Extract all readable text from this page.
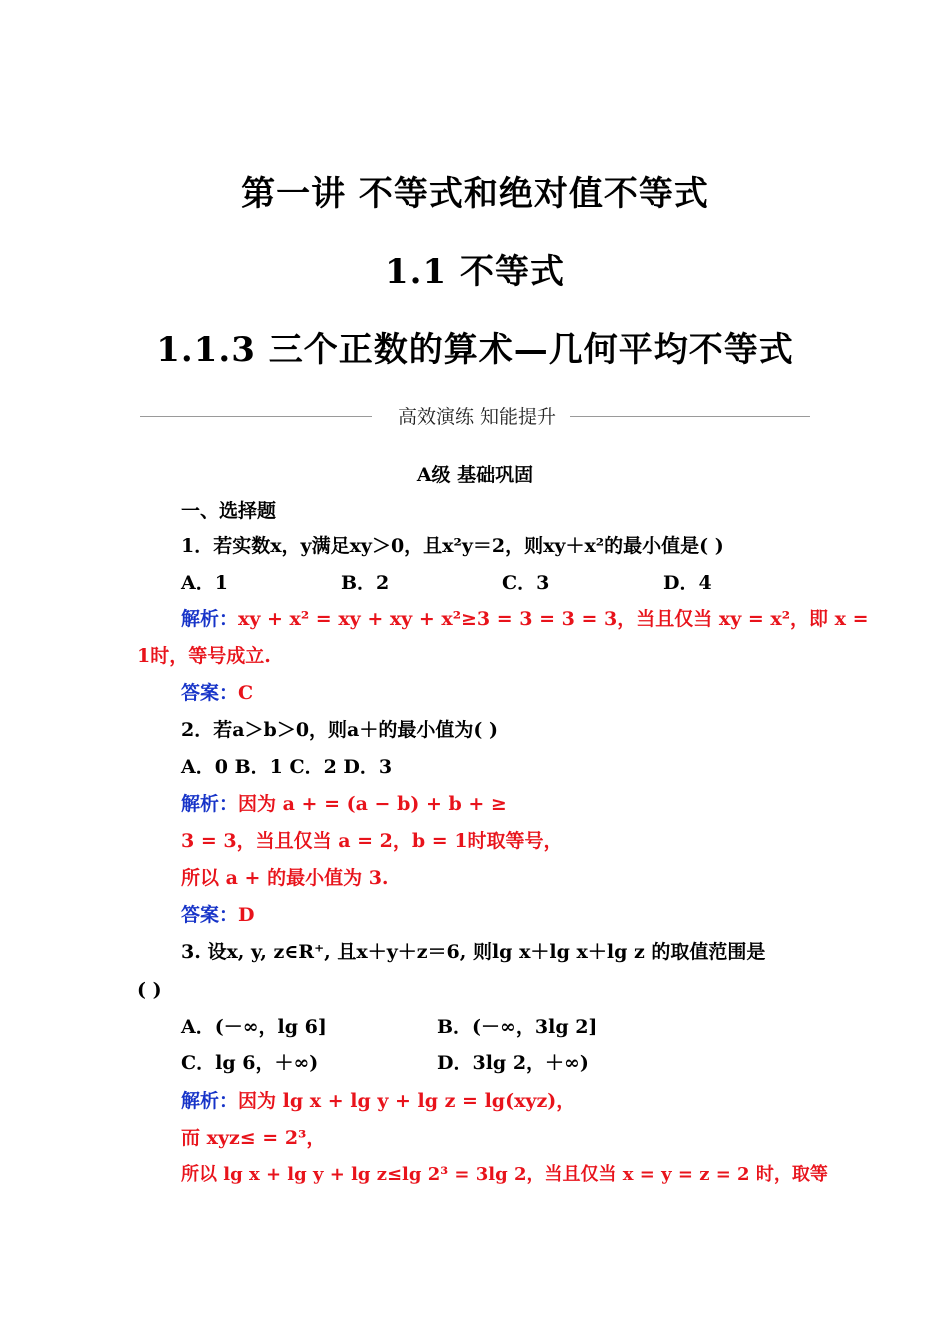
第一讲 不等式和绝对值不等式
1.1 不等式
1.1.3 三个正数的算术—几何平均不等式
高效演练 知能提升
A级 基础巩固
一、选择题
1．若实数x，y满足xy＞0，且x²y＝2，则xy＋x²的最小值是( )
A．1	B．2	C．3	D．4
解析：xy + x² = xy + xy + x²≥3 = 3 = 3 = 3，当且仅当 xy = x²，即 x =
1时，等号成立.
答案：C
2．若a＞b＞0，则a＋的最小值为( )
A．0 B．1 C．2 D．3
解析：因为 a + = (a − b) + b + ≥
3 = 3，当且仅当 a = 2，b = 1时取等号，
所以 a + 的最小值为 3.
答案：D
3. 设x, y, z∈R⁺, 且x＋y＋z＝6, 则lg x＋lg x＋lg z 的取值范围是
( )
A．(－∞，lg 6]	B．(－∞，3lg 2]
C．lg 6，＋∞)	D．3lg 2，＋∞)
解析：因为 lg x + lg y + lg z = lg(xyz)，
而 xyz≤ = 2³，
所以 lg x + lg y + lg z≤lg 2³ = 3lg 2，当且仅当 x = y = z = 2 时，取等
